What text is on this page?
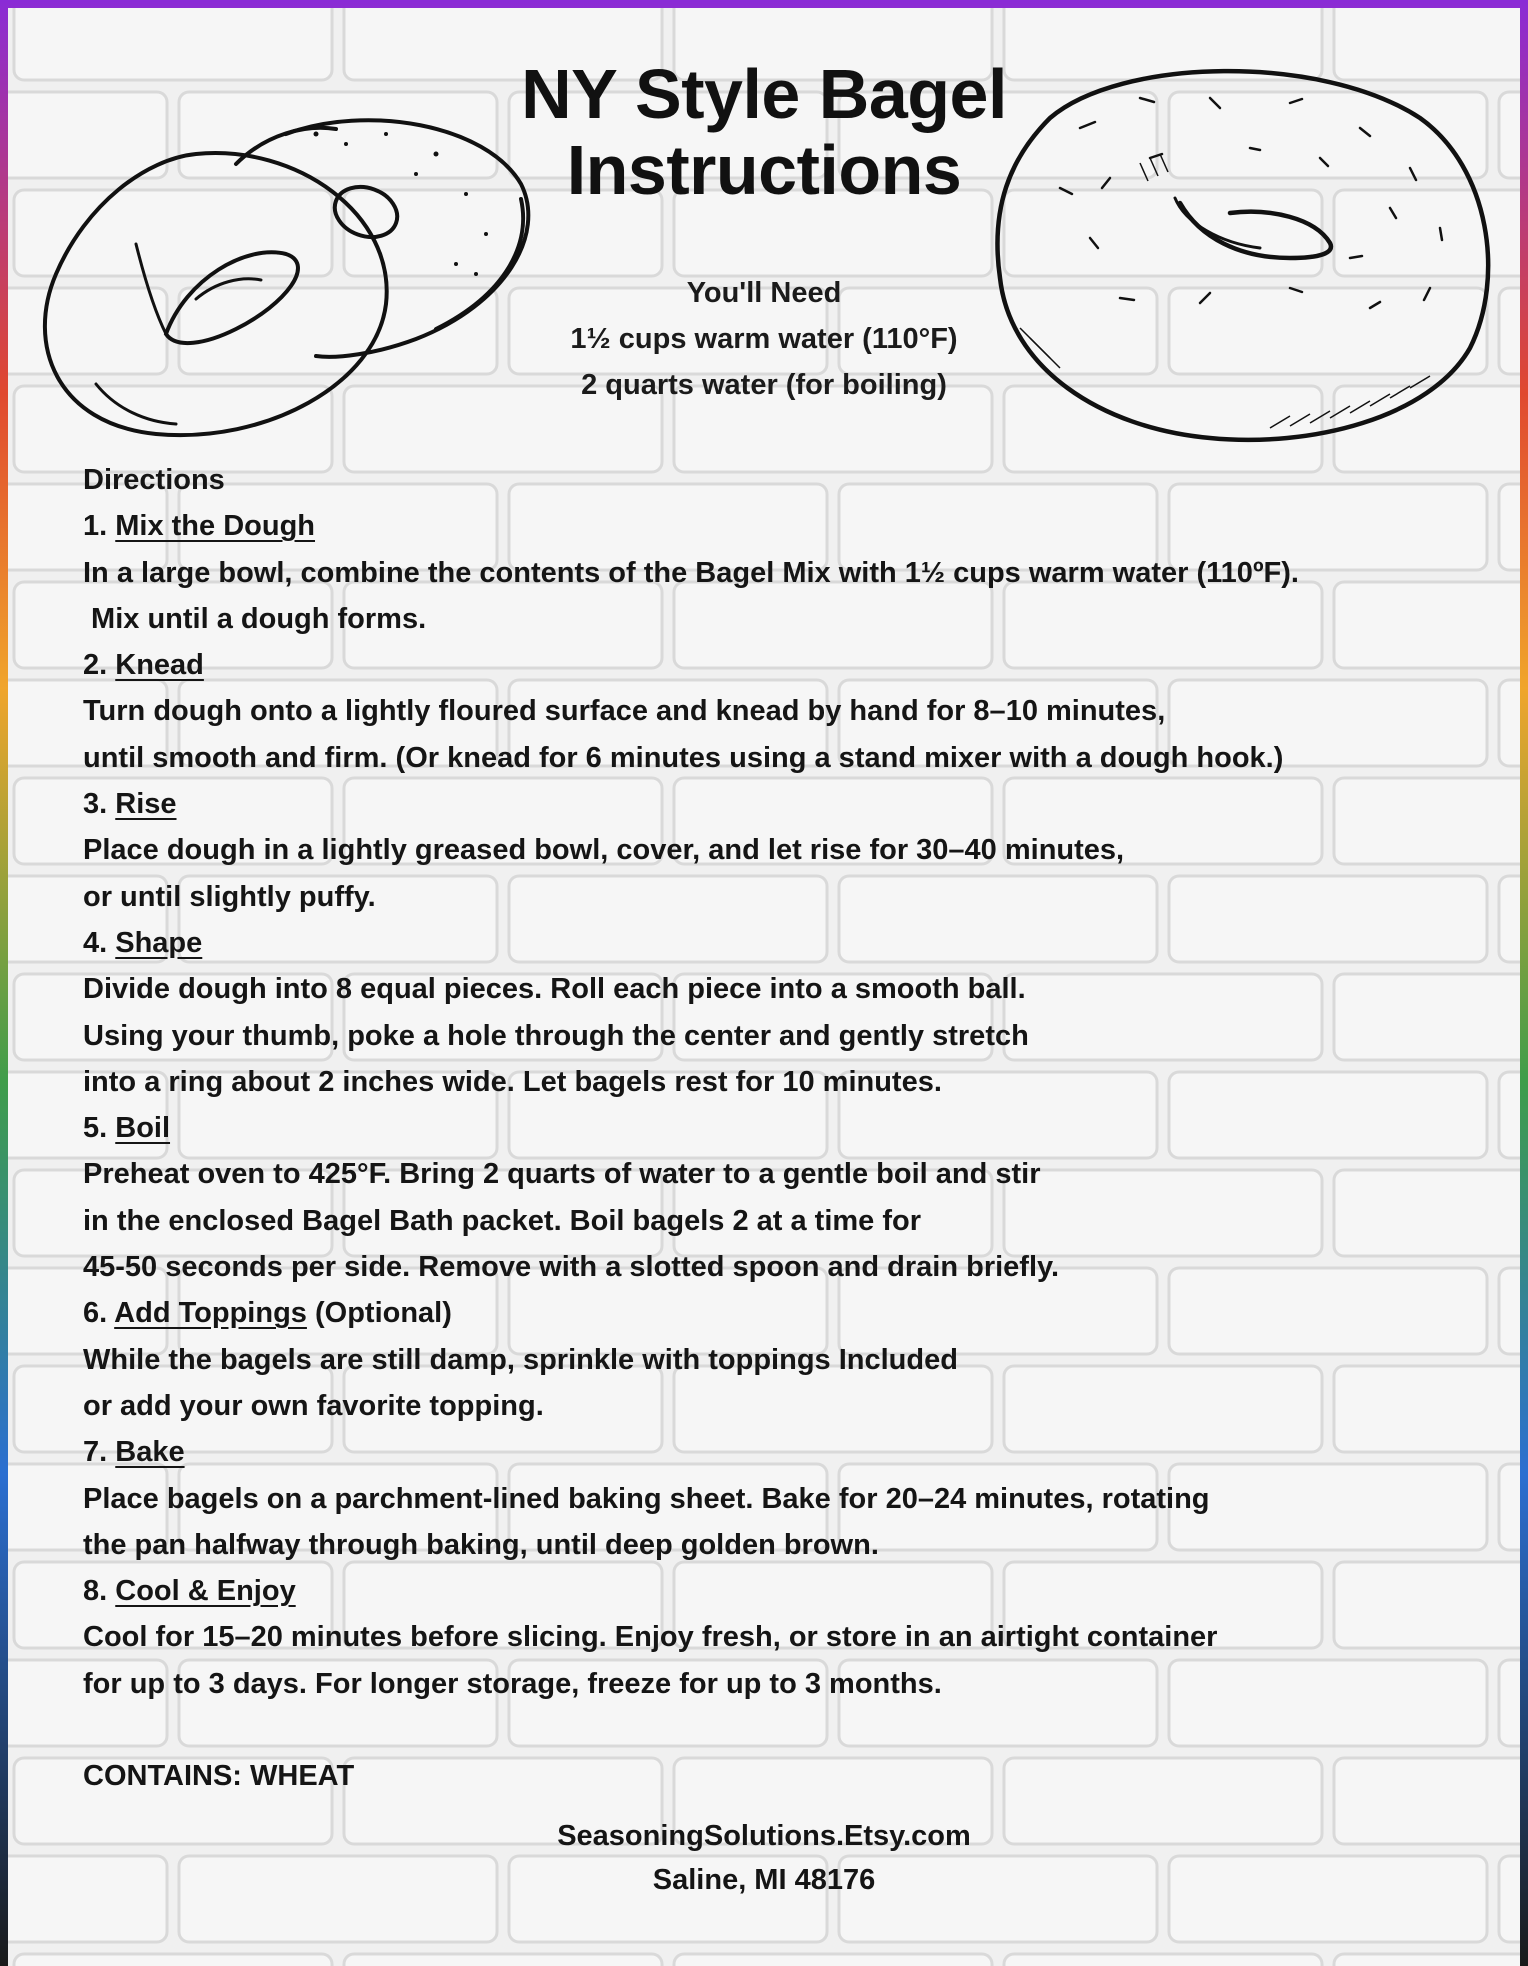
NY Style Bagel
Instructions
You'll Need
1½ cups warm water (110°F)
2 quarts water (for boiling)
Directions
1. Mix the Dough
In a large bowl, combine the contents of the Bagel Mix with 1½ cups warm water (110ºF).
Mix until a dough forms.
2. Knead
Turn dough onto a lightly floured surface and knead by hand for 8–10 minutes,
until smooth and firm. (Or knead for 6 minutes using a stand mixer with a dough hook.)
3. Rise
Place dough in a lightly greased bowl, cover, and let rise for 30–40 minutes,
or until slightly puffy.
4. Shape
Divide dough into 8 equal pieces. Roll each piece into a smooth ball.
Using your thumb, poke a hole through the center and gently stretch
into a ring about 2 inches wide. Let bagels rest for 10 minutes.
5. Boil
Preheat oven to 425°F. Bring 2 quarts of water to a gentle boil and stir
in the enclosed Bagel Bath packet. Boil bagels 2 at a time for
45-50 seconds per side. Remove with a slotted spoon and drain briefly.
6. Add Toppings (Optional)
While the bagels are still damp, sprinkle with toppings Included
or add your own favorite topping.
7. Bake
Place bagels on a parchment-lined baking sheet. Bake for 20–24 minutes, rotating
the pan halfway through baking, until deep golden brown.
8. Cool & Enjoy
Cool for 15–20 minutes before slicing. Enjoy fresh, or store in an airtight container
for up to 3 days. For longer storage, freeze for up to 3 months.
CONTAINS: WHEAT
SeasoningSolutions.Etsy.com
Saline, MI 48176
